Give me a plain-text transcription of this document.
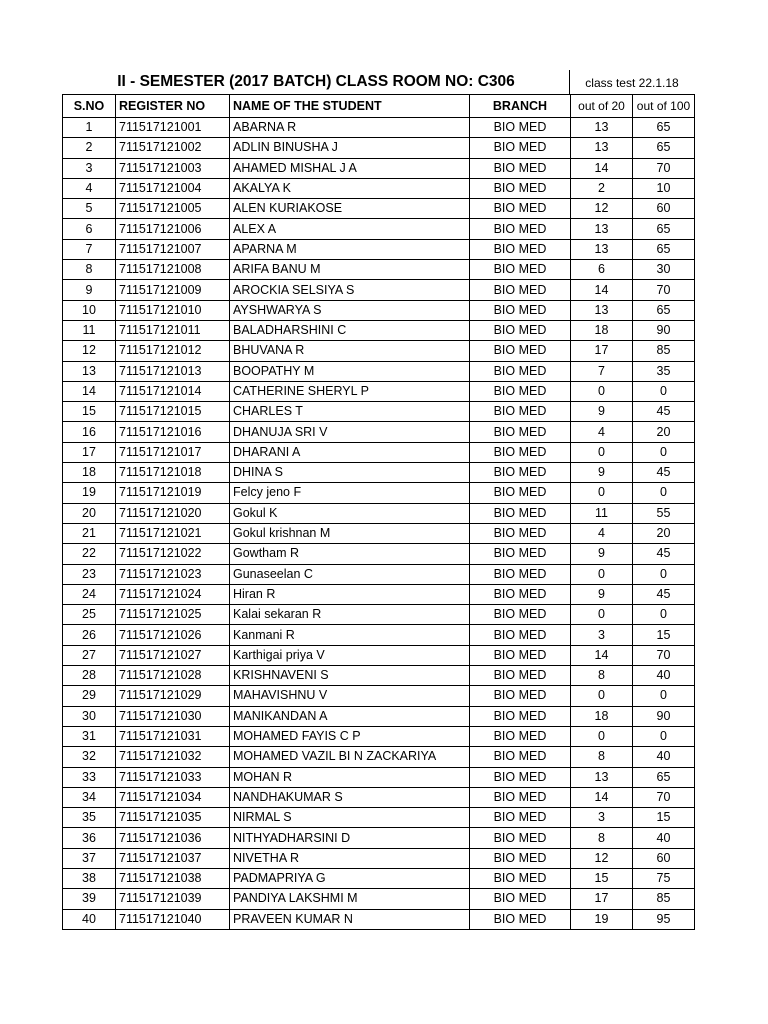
II - SEMESTER (2017 BATCH) CLASS ROOM NO: C306	class test 22.1.18
S.NO	REGISTER NO	NAME OF THE STUDENT	BRANCH	out of 20	out of 100
1	711517121001	ABARNA R	BIO MED	13	65
2	711517121002	ADLIN BINUSHA J	BIO MED	13	65
3	711517121003	AHAMED MISHAL J A	BIO MED	14	70
4	711517121004	AKALYA K	BIO MED	2	10
5	711517121005	ALEN KURIAKOSE	BIO MED	12	60
6	711517121006	ALEX A	BIO MED	13	65
7	711517121007	APARNA M	BIO MED	13	65
8	711517121008	ARIFA BANU M	BIO MED	6	30
9	711517121009	AROCKIA SELSIYA S	BIO MED	14	70
10	711517121010	AYSHWARYA S	BIO MED	13	65
11	711517121011	BALADHARSHINI C	BIO MED	18	90
12	711517121012	BHUVANA R	BIO MED	17	85
13	711517121013	BOOPATHY M	BIO MED	7	35
14	711517121014	CATHERINE SHERYL P	BIO MED	0	0
15	711517121015	CHARLES T	BIO MED	9	45
16	711517121016	DHANUJA SRI V	BIO MED	4	20
17	711517121017	DHARANI A	BIO MED	0	0
18	711517121018	DHINA S	BIO MED	9	45
19	711517121019	Felcy jeno F	BIO MED	0	0
20	711517121020	Gokul K	BIO MED	11	55
21	711517121021	Gokul krishnan M	BIO MED	4	20
22	711517121022	Gowtham R	BIO MED	9	45
23	711517121023	Gunaseelan C	BIO MED	0	0
24	711517121024	Hiran R	BIO MED	9	45
25	711517121025	Kalai sekaran R	BIO MED	0	0
26	711517121026	Kanmani R	BIO MED	3	15
27	711517121027	Karthigai priya V	BIO MED	14	70
28	711517121028	KRISHNAVENI S	BIO MED	8	40
29	711517121029	MAHAVISHNU V	BIO MED	0	0
30	711517121030	MANIKANDAN A	BIO MED	18	90
31	711517121031	MOHAMED FAYIS C P	BIO MED	0	0
32	711517121032	MOHAMED VAZIL BI N ZACKARIYA	BIO MED	8	40
33	711517121033	MOHAN R	BIO MED	13	65
34	711517121034	NANDHAKUMAR S	BIO MED	14	70
35	711517121035	NIRMAL S	BIO MED	3	15
36	711517121036	NITHYADHARSINI D	BIO MED	8	40
37	711517121037	NIVETHA R	BIO MED	12	60
38	711517121038	PADMAPRIYA G	BIO MED	15	75
39	711517121039	PANDIYA LAKSHMI M	BIO MED	17	85
40	711517121040	PRAVEEN KUMAR N	BIO MED	19	95
